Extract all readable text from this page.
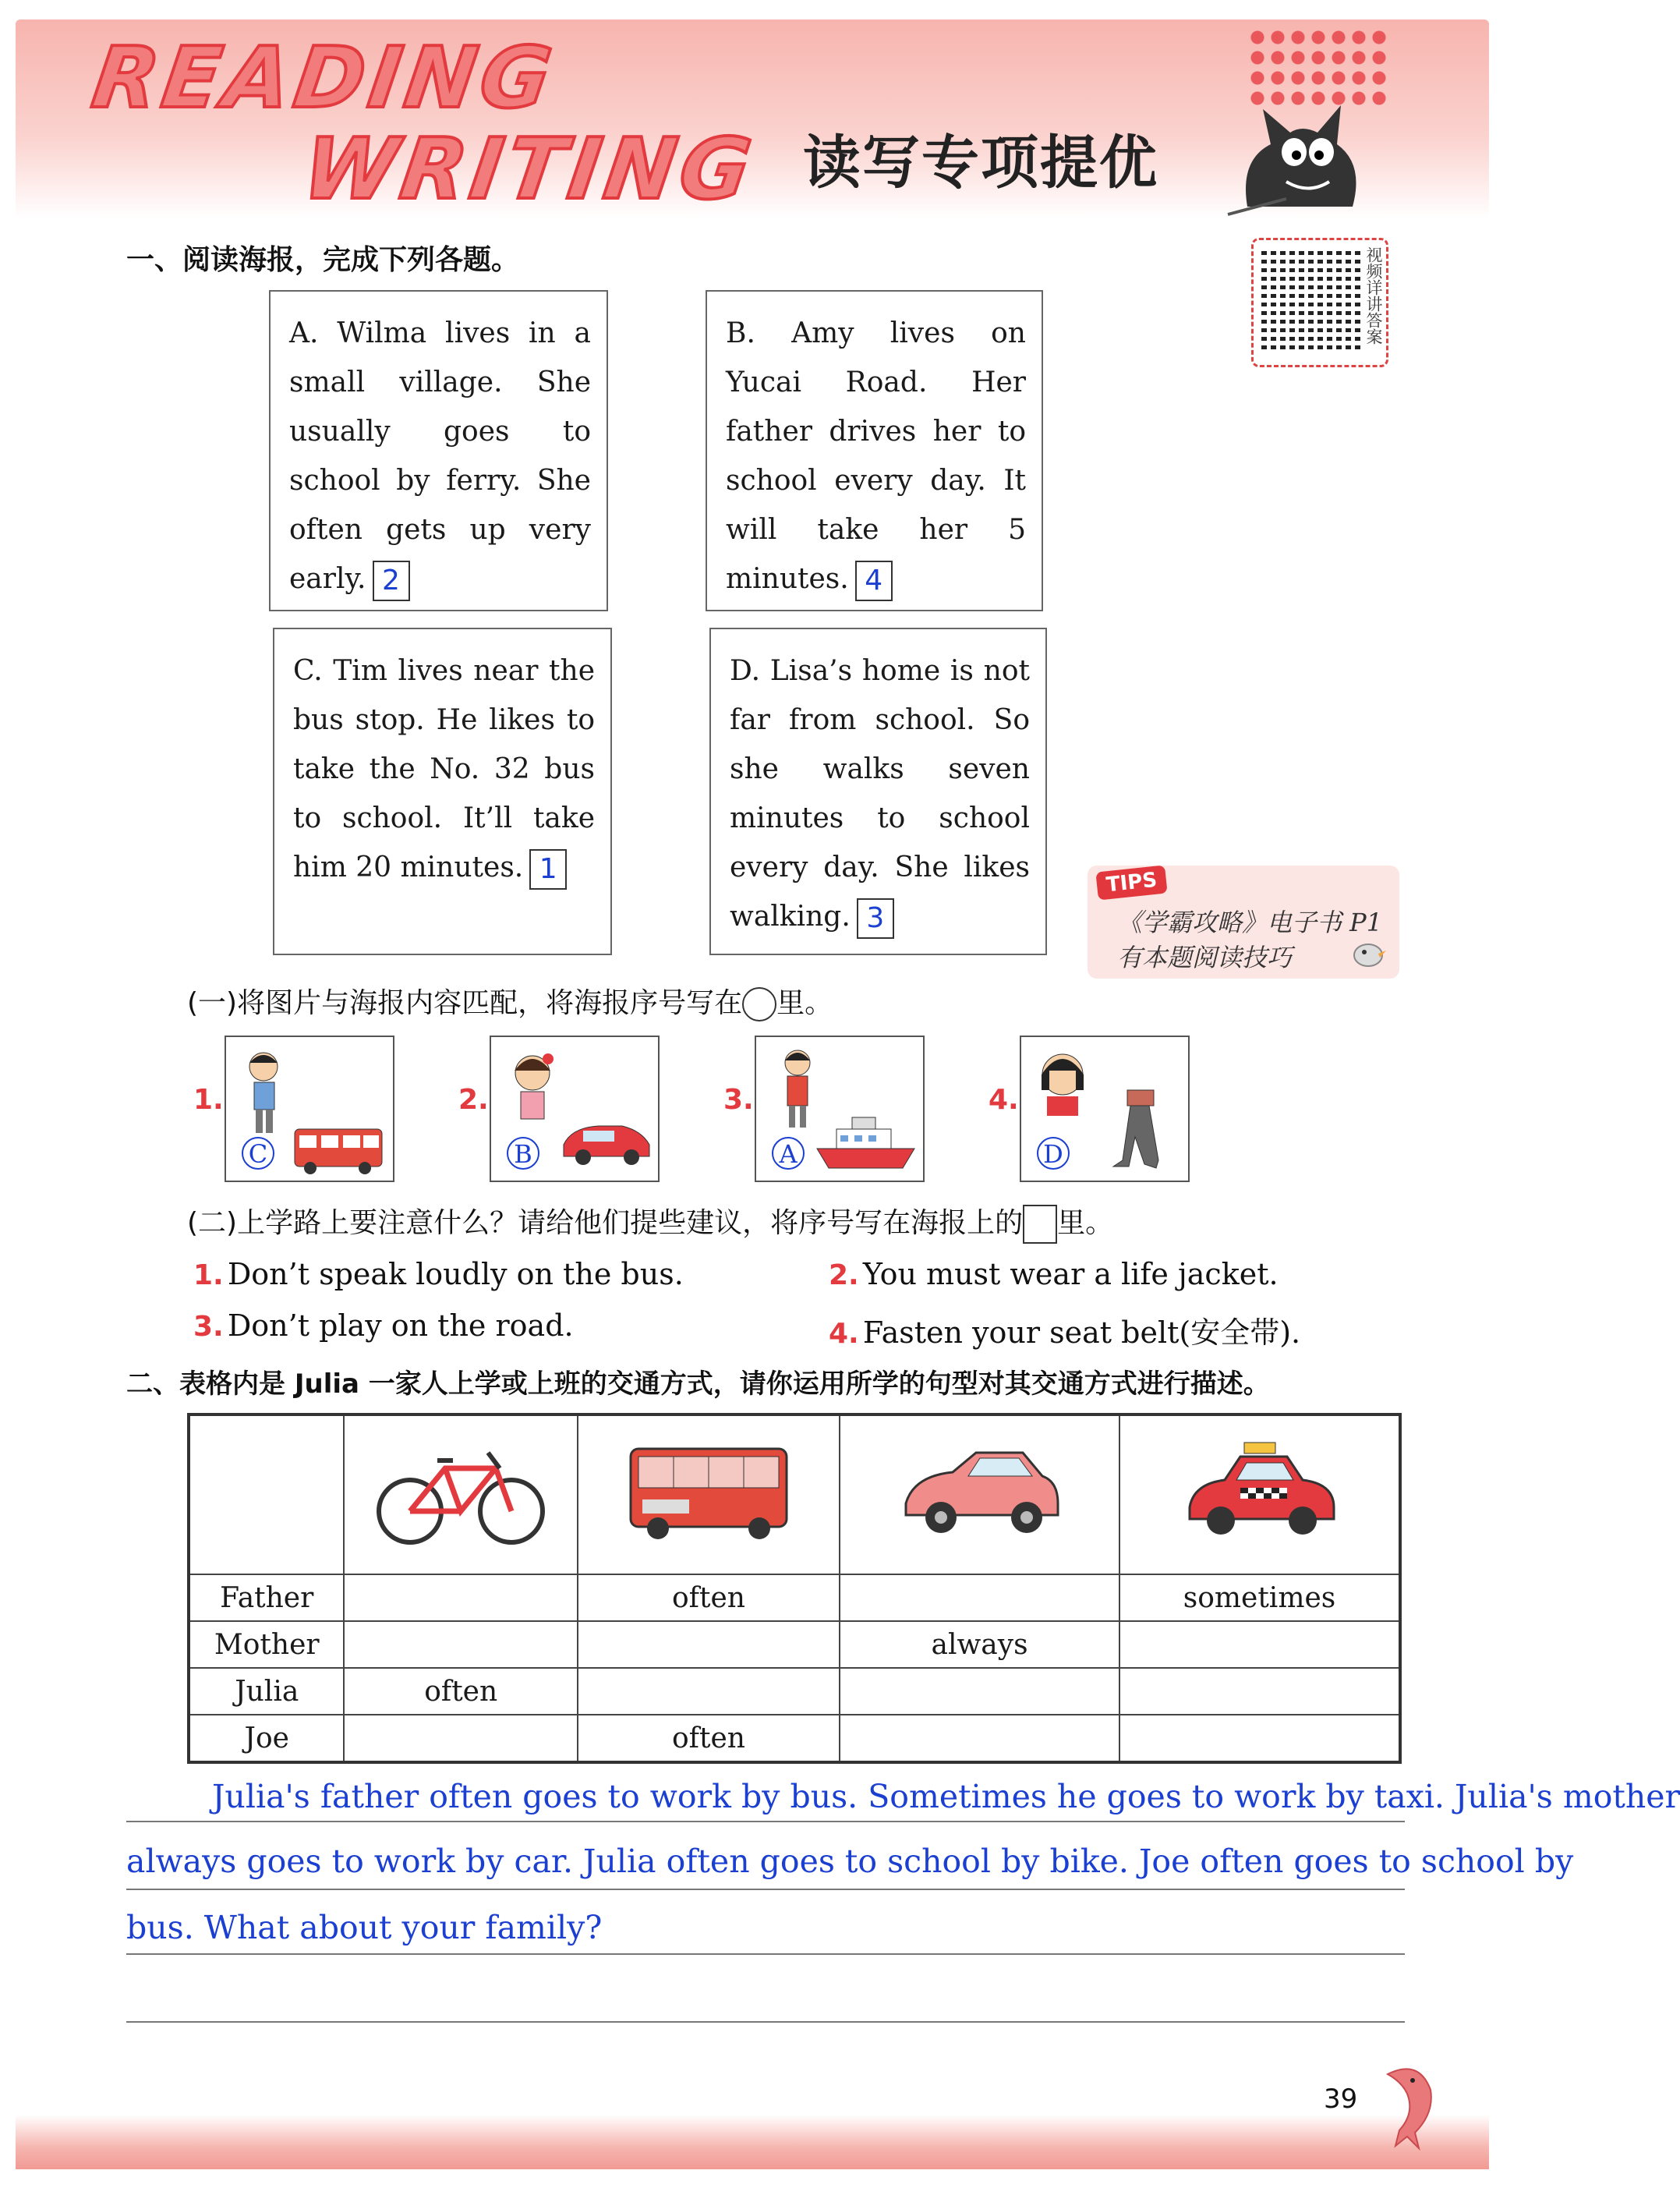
READING
WRITING 读写专项提优
视频详讲答案
一、阅读海报，完成下列各题。
A. Wilma lives in a small village. She usually goes to school by ferry. She often gets up very early. 2
B. Amy lives on Yucai Road. Her father drives her to school every day. It will take her 5 minutes. 4
C. Tim lives near the bus stop. He likes to take the No. 32 bus to school. It’ll take him 20 minutes. 1
D. Lisa’s home is not far from school. So she walks seven minutes to school every day. She likes walking. 3
TIPS
《学霸攻略》电子书 P1
有本题阅读技巧
(一)将图片与海报内容匹配，将海报序号写在 里。
1.
C
2.
B
3.
A
4.
D
(二)上学路上要注意什么？请给他们提些建议，将序号写在海报上的 里。
1. Don’t speak loudly on the bus.	2. You must wear a life jacket.
3. Don’t play on the road.	4. Fasten your seat belt(安全带).
二、表格内是 Julia 一家人上学或上班的交通方式，请你运用所学的句型对其交通方式进行描述。

Father		often		sometimes
Mother			always	
Julia	often			
Joe		often		
Julia's father often goes to work by bus. Sometimes he goes to work by taxi. Julia's mother
always goes to work by car. Julia often goes to school by bike. Joe often goes to school by
bus. What about your family?
39
